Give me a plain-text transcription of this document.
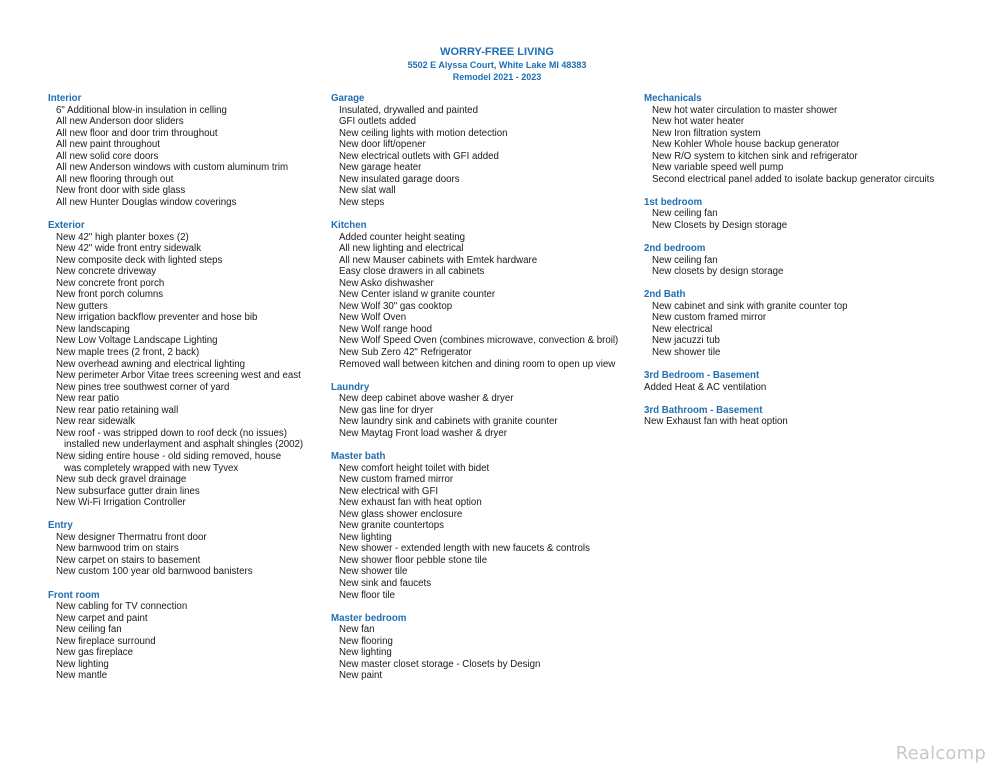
WORRY-FREE LIVING
5502 E Alyssa Court, White Lake MI 48383
Remodel 2021 - 2023
Interior
6" Additional blow-in insulation in celling
All new Anderson door sliders
All new floor and door trim throughout
All new paint throughout
All new solid core doors
All new Anderson windows with custom aluminum trim
All new flooring through out
New front door with side glass
All new Hunter Douglas window coverings
Exterior
New 42" high planter boxes (2)
New 42" wide front entry sidewalk
New composite deck with lighted steps
New concrete driveway
New concrete front porch
New front porch columns
New gutters
New irrigation backflow preventer and hose bib
New landscaping
New Low Voltage Landscape Lighting
New maple trees (2 front, 2 back)
New overhead awning and electrical lighting
New perimeter Arbor Vitae trees screening west and east
New pines tree southwest corner of yard
New rear patio
New rear patio retaining wall
New rear sidewalk
New roof - was stripped down to roof deck (no issues)
installed new underlayment and asphalt shingles (2002)
New siding entire house - old siding removed, house
was completely wrapped with new Tyvex
New sub deck gravel drainage
New subsurface gutter drain lines
New Wi-Fi Irrigation Controller
Entry
New designer Thermatru front door
New barnwood trim on stairs
New carpet on stairs to basement
New custom 100 year old barnwood banisters
Front room
New cabling for TV connection
New carpet and paint
New ceiling fan
New fireplace surround
New gas fireplace
New lighting
New mantle
Garage
Insulated, drywalled and painted
GFI outlets added
New ceiling lights with motion detection
New door lift/opener
New electrical outlets with GFI added
New garage heater
New insulated garage doors
New slat wall
New steps
Kitchen
Added counter height seating
All new lighting and electrical
All new Mauser cabinets with Emtek hardware
Easy close drawers in all cabinets
New Asko dishwasher
New Center island w granite counter
New Wolf 30" gas cooktop
New Wolf Oven
New Wolf range hood
New Wolf Speed Oven (combines microwave, convection & broil)
New Sub Zero 42" Refrigerator
Removed wall between kitchen and dining room to open up view
Laundry
New deep cabinet above washer & dryer
New gas line for dryer
New laundry sink and cabinets with granite counter
New Maytag Front load washer & dryer
Master bath
New comfort height toilet with bidet
New custom framed mirror
New electrical with GFI
New exhaust fan with heat option
New glass shower enclosure
New granite countertops
New lighting
New shower - extended length with new faucets & controls
New shower floor pebble stone tile
New shower tile
New sink and faucets
New floor tile
Master bedroom
New fan
New flooring
New lighting
New master closet storage - Closets by Design
New paint
Mechanicals
New hot water circulation to master shower
New hot water heater
New Iron filtration system
New Kohler Whole house backup generator
New R/O system to kitchen sink and refrigerator
New variable speed well pump
Second electrical panel added to isolate backup generator circuits
1st bedroom
New ceiling fan
New Closets by Design storage
2nd bedroom
New ceiling fan
New closets by design storage
2nd Bath
New cabinet and sink with granite counter top
New custom framed mirror
New electrical
New jacuzzi tub
New shower tile
3rd Bedroom - Basement
Added Heat & AC ventilation
3rd Bathroom - Basement
New Exhaust fan with heat option
Realcomp
